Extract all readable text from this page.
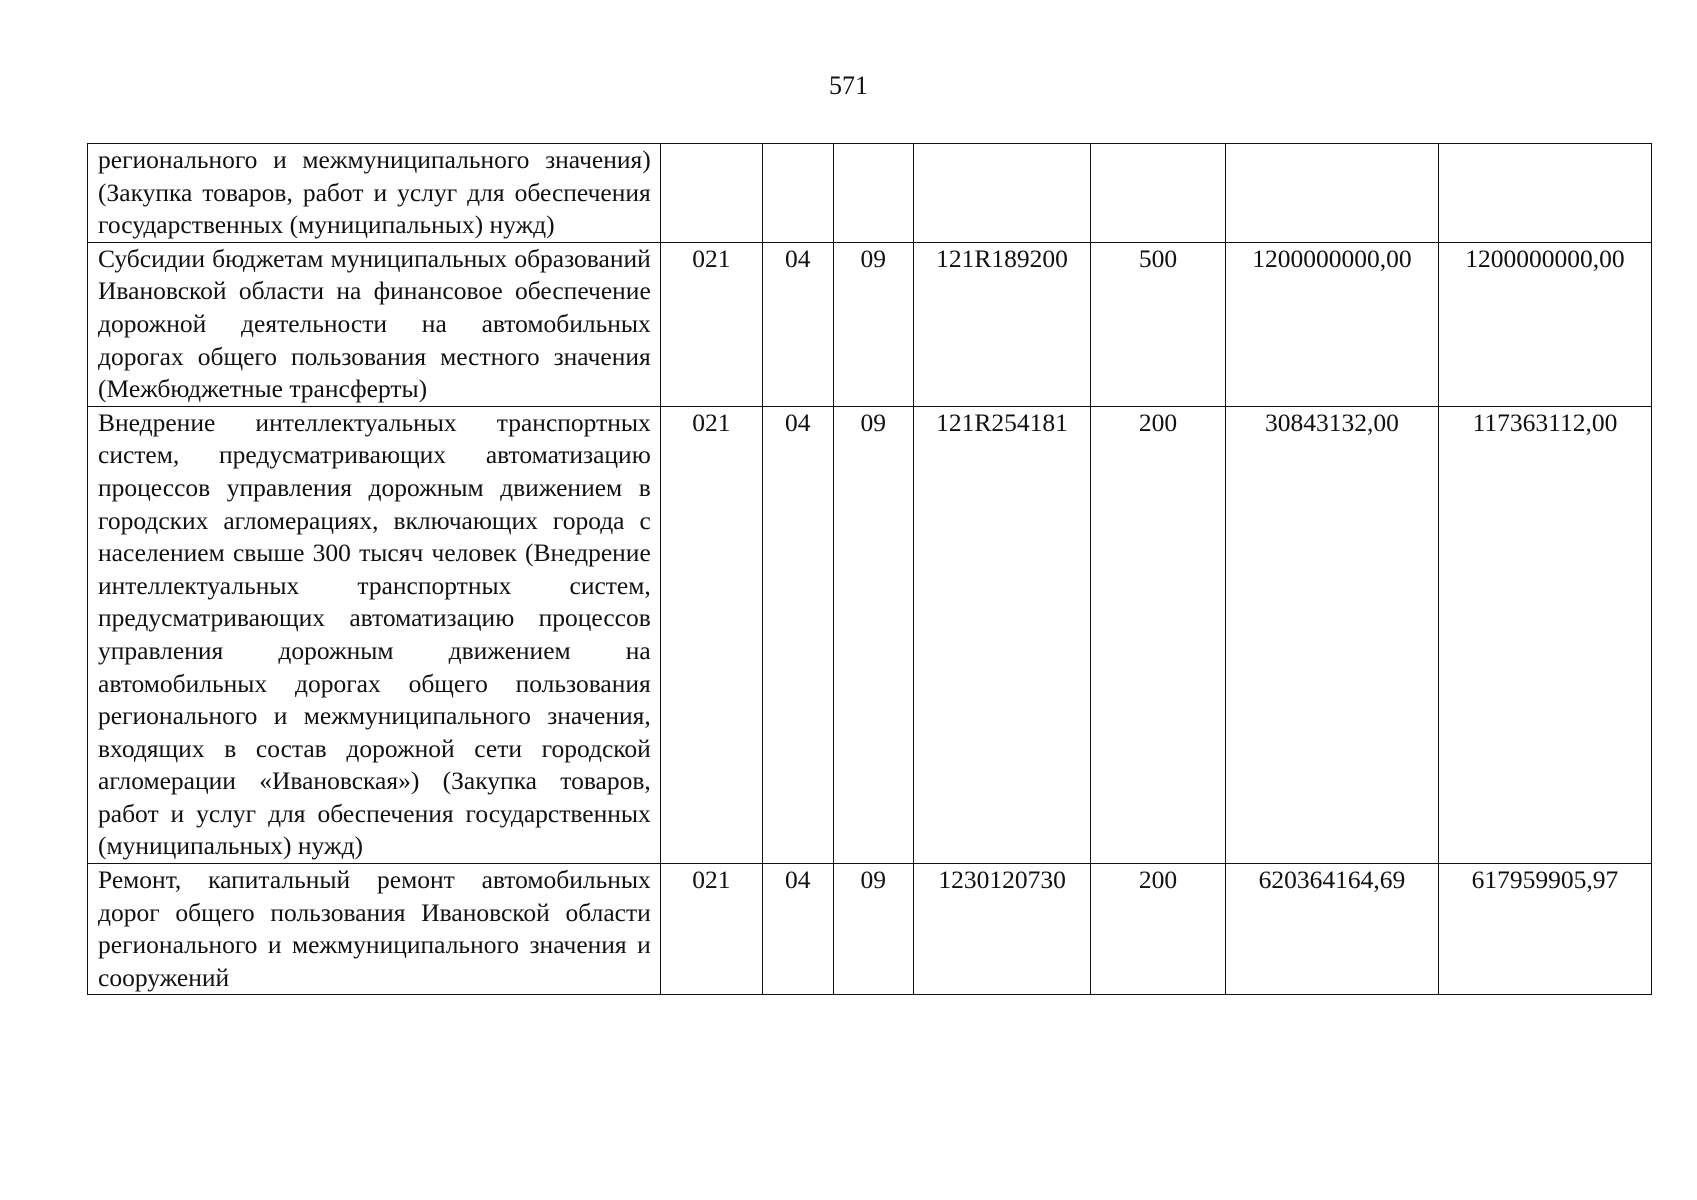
571
регионального и межмуниципального значения) (Закупка товаров, работ и услуг для обеспечения государственных (муниципальных) нужд)							
Субсидии бюджетам муниципальных образований Ивановской области на финансовое обеспечение дорожной деятельности на автомобильных дорогах общего пользования местного значения (Межбюджетные трансферты)	021	04	09	121R189200	500	1200000000,00	1200000000,00
Внедрение интеллектуальных транспортных систем, предусматривающих автоматизацию процессов управления дорожным движением в городских агломерациях, включающих города с населением свыше 300 тысяч человек (Внедрение интеллектуальных транспортных систем, предусматривающих автоматизацию процессов управления дорожным движением на автомобильных дорогах общего пользования регионального и межмуниципального значения, входящих в состав дорожной сети городской агломерации «Ивановская») (Закупка товаров, работ и услуг для обеспечения государственных (муниципальных) нужд)	021	04	09	121R254181	200	30843132,00	117363112,00
Ремонт, капитальный ремонт автомобильных дорог общего пользования Ивановской области регионального и межмуниципального значения и сооружений	021	04	09	1230120730	200	620364164,69	617959905,97
